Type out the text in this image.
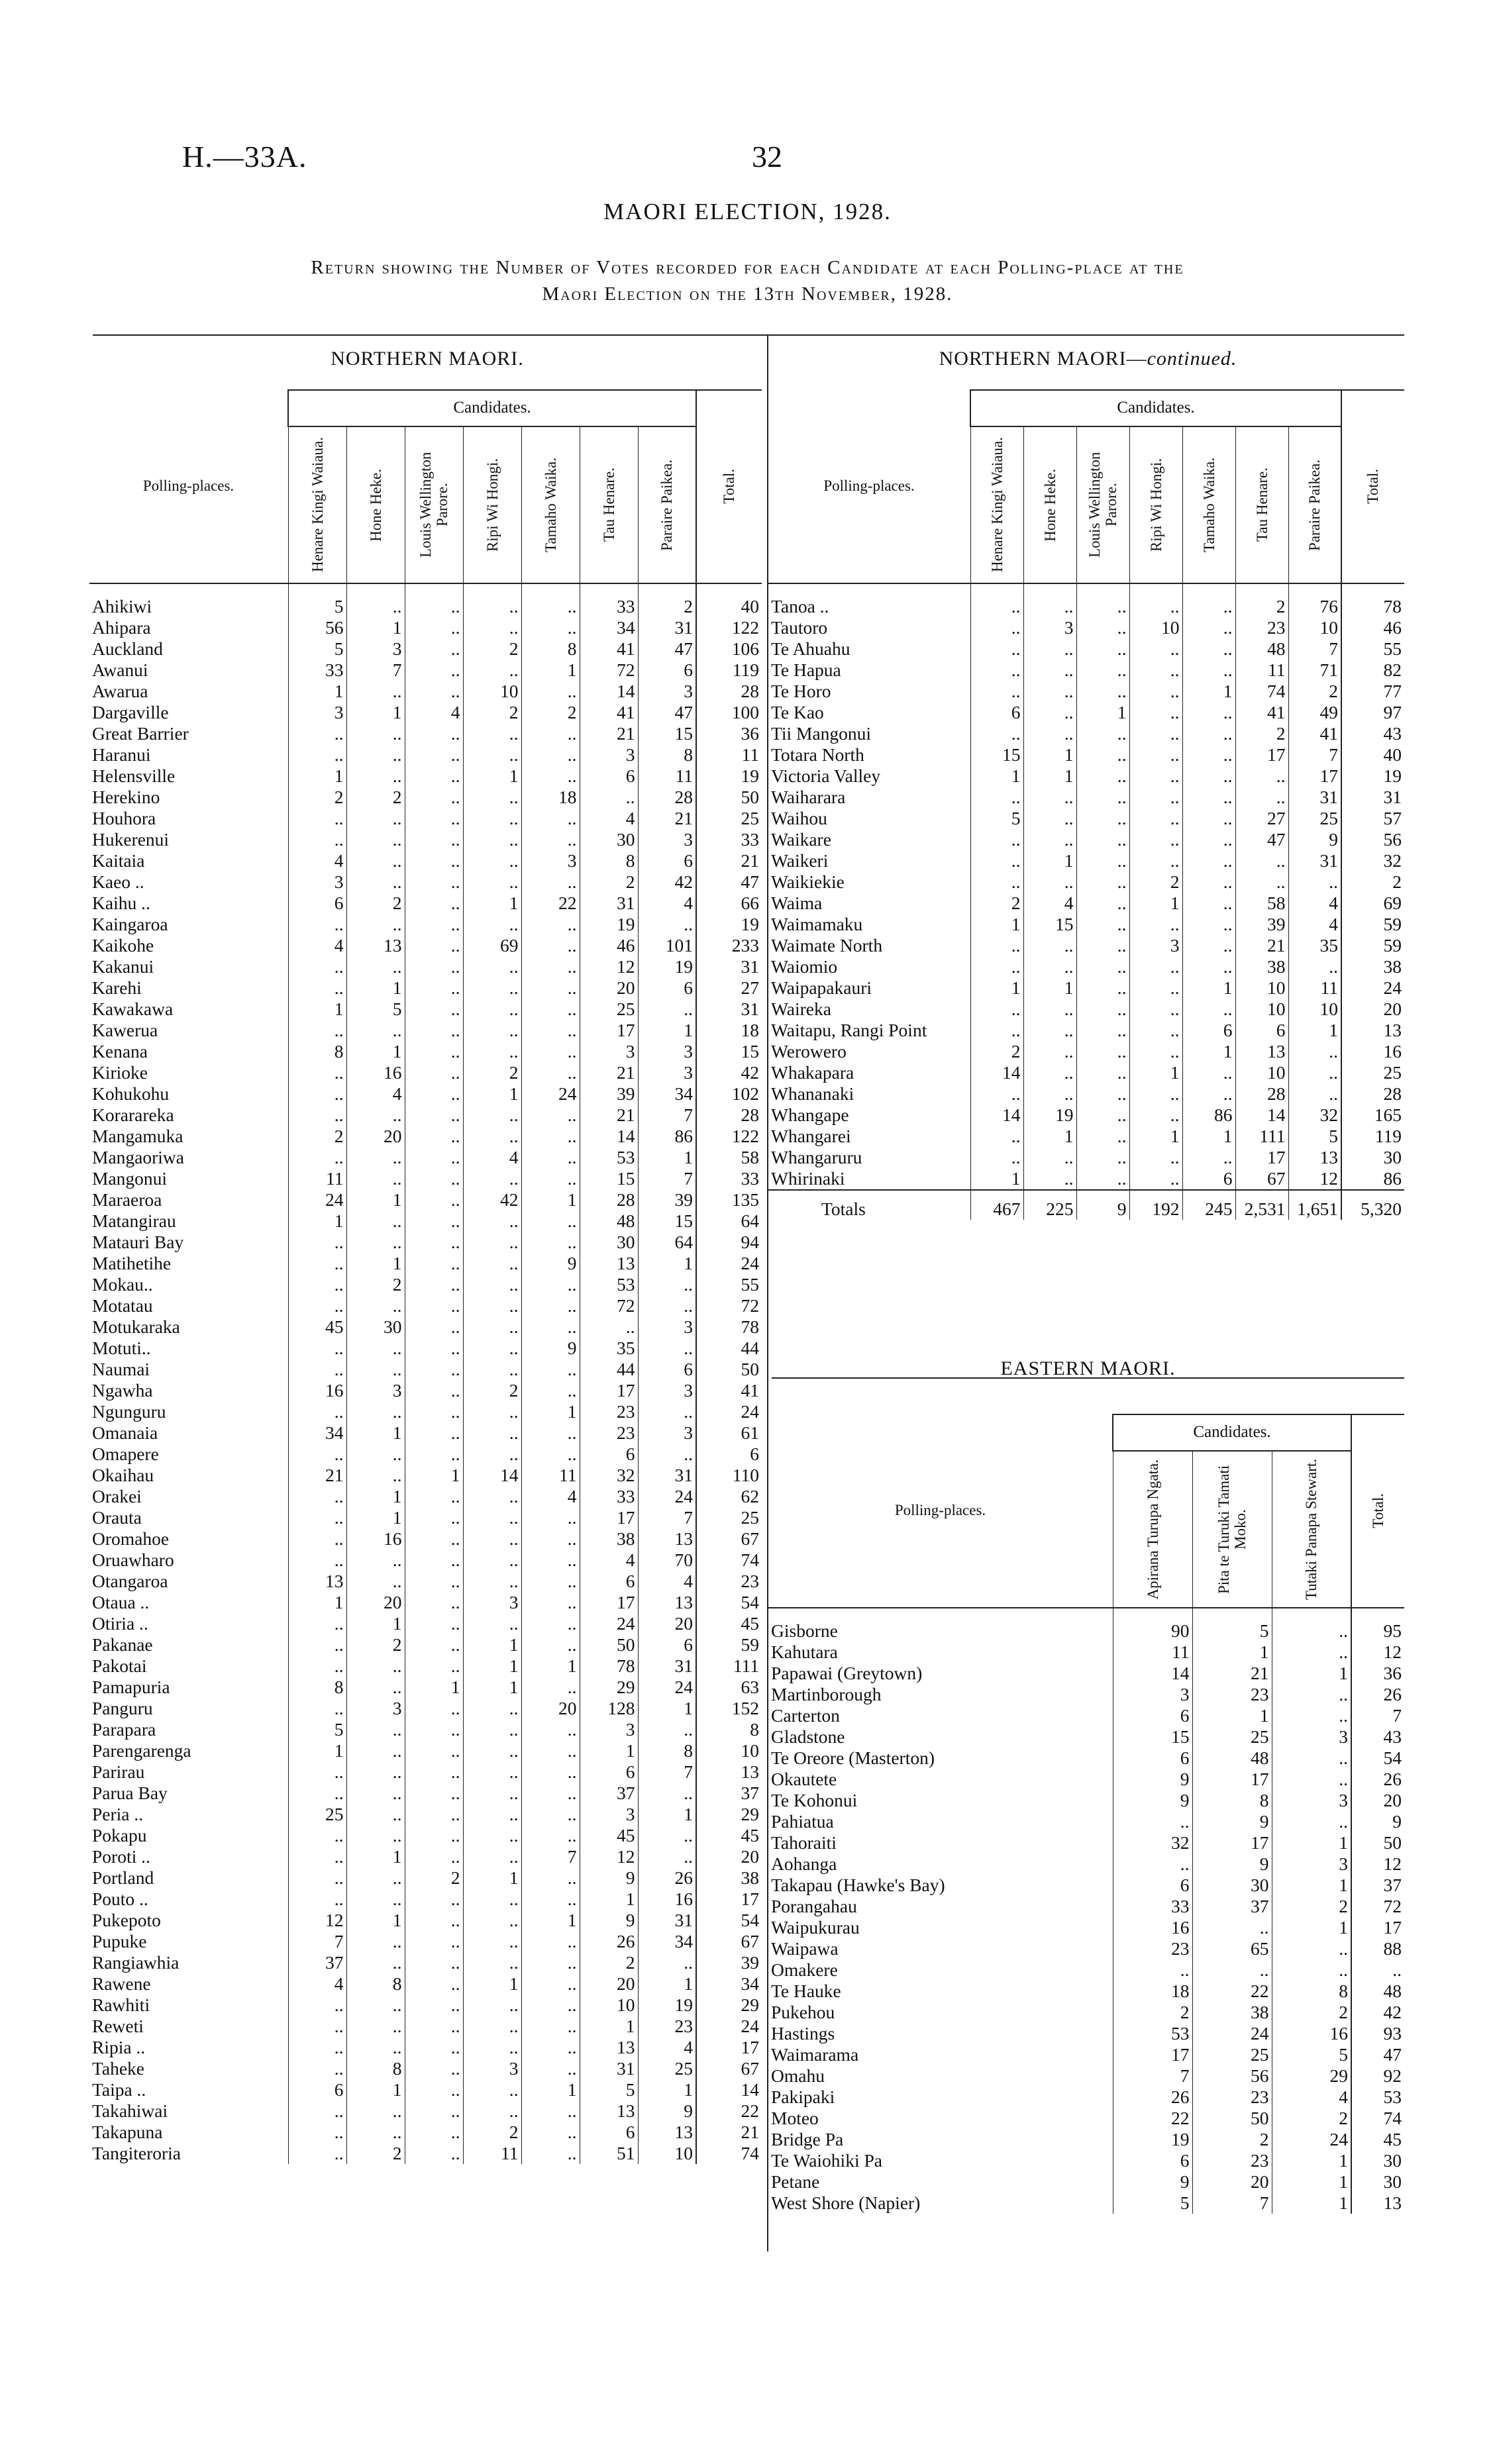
H.—33A.	32
MAORI ELECTION, 1928.
Return showing the Number of Votes recorded for each Candidate at each Polling-place at the
Maori Election on the 13th November, 1928.
NORTHERN MAORI.	NORTHERN MAORI—continued.
Polling-places.	Candidates.							Total.

	Henare Kingi Waiaua.	Hone Heke.	Louis Wellington Parore.	Ripi Wi Hongi.	Tamaho Waika.	Tau Henare.	Paraire Paikea.	

Ahikiwi	5	..	..	..	..	33	2	40
Ahipara	56	1	..	..	..	34	31	122
Auckland	5	3	..	2	8	41	47	106
Awanui	33	7	..	..	1	72	6	119
Awarua	1	..	..	10	..	14	3	28
Dargaville	3	1	4	2	2	41	47	100
Great Barrier	..	..	..	..	..	21	15	36
Haranui	..	..	..	..	..	3	8	11
Helensville	1	..	..	1	..	6	11	19
Herekino	2	2	..	..	18	..	28	50
Houhora	..	..	..	..	..	4	21	25
Hukerenui	..	..	..	..	..	30	3	33
Kaitaia	4	..	..	..	3	8	6	21
Kaeo ..	3	..	..	..	..	2	42	47
Kaihu ..	6	2	..	1	22	31	4	66
Kaingaroa	..	..	..	..	..	19	..	19
Kaikohe	4	13	..	69	..	46	101	233
Kakanui	..	..	..	..	..	12	19	31
Karehi	..	1	..	..	..	20	6	27
Kawakawa	1	5	..	..	..	25	..	31
Kawerua	..	..	..	..	..	17	1	18
Kenana	8	1	..	..	..	3	3	15
Kirioke	..	16	..	2	..	21	3	42
Kohukohu	..	4	..	1	24	39	34	102
Korarareka	..	..	..	..	..	21	7	28
Mangamuka	2	20	..	..	..	14	86	122
Mangaoriwa	..	..	..	4	..	53	1	58
Mangonui	11	..	..	..	..	15	7	33
Maraeroa	24	1	..	42	1	28	39	135
Matangirau	1	..	..	..	..	48	15	64
Matauri Bay	..	..	..	..	..	30	64	94
Matihetihe	..	1	..	..	9	13	1	24
Mokau..	..	2	..	..	..	53	..	55
Motatau	..	..	..	..	..	72	..	72
Motukaraka	45	30	..	..	..	..	3	78
Motuti..	..	..	..	..	9	35	..	44
Naumai	..	..	..	..	..	44	6	50
Ngawha	16	3	..	2	..	17	3	41
Ngunguru	..	..	..	..	1	23	..	24
Omanaia	34	1	..	..	..	23	3	61
Omapere	..	..	..	..	..	6	..	6
Okaihau	21	..	1	14	11	32	31	110
Orakei	..	1	..	..	4	33	24	62
Orauta	..	1	..	..	..	17	7	25
Oromahoe	..	16	..	..	..	38	13	67
Oruawharo	..	..	..	..	..	4	70	74
Otangaroa	13	..	..	..	..	6	4	23
Otaua ..	1	20	..	3	..	17	13	54
Otiria ..	..	1	..	..	..	24	20	45
Pakanae	..	2	..	1	..	50	6	59
Pakotai	..	..	..	1	1	78	31	111
Pamapuria	8	..	1	1	..	29	24	63
Panguru	..	3	..	..	20	128	1	152
Parapara	5	..	..	..	..	3	..	8
Parengarenga	1	..	..	..	..	1	8	10
Parirau	..	..	..	..	..	6	7	13
Parua Bay	..	..	..	..	..	37	..	37
Peria ..	25	..	..	..	..	3	1	29
Pokapu	..	..	..	..	..	45	..	45
Poroti ..	..	1	..	..	7	12	..	20
Portland	..	..	2	1	..	9	26	38
Pouto ..	..	..	..	..	..	1	16	17
Pukepoto	12	1	..	..	1	9	31	54
Pupuke	7	..	..	..	..	26	34	67
Rangiawhia	37	..	..	..	..	2	..	39
Rawene	4	8	..	1	..	20	1	34
Rawhiti	..	..	..	..	..	10	19	29
Reweti	..	..	..	..	..	1	23	24
Ripia ..	..	..	..	..	..	13	4	17
Taheke	..	8	..	3	..	31	25	67
Taipa ..	6	1	..	..	1	5	1	14
Takahiwai	..	..	..	..	..	13	9	22
Takapuna	..	..	..	2	..	6	13	21
Tangiteroria	..	2	..	11	..	51	10	74
Polling-places.	Candidates.							Total.

	Henare Kingi Waiaua.	Hone Heke.	Louis Wellington Parore.	Ripi Wi Hongi.	Tamaho Waika.	Tau Henare.	Paraire Paikea.	

Tanoa ..	..	..	..	..	..	2	76	78
Tautoro	..	3	..	10	..	23	10	46
Te Ahuahu	..	..	..	..	..	48	7	55
Te Hapua	..	..	..	..	..	11	71	82
Te Horo	..	..	..	..	1	74	2	77
Te Kao	6	..	1	..	..	41	49	97
Tii Mangonui	..	..	..	..	..	2	41	43
Totara North	15	1	..	..	..	17	7	40
Victoria Valley	1	1	..	..	..	..	17	19
Waiharara	..	..	..	..	..	..	31	31
Waihou	5	..	..	..	..	27	25	57
Waikare	..	..	..	..	..	47	9	56
Waikeri	..	1	..	..	..	..	31	32
Waikiekie	..	..	..	2	..	..	..	2
Waima	2	4	..	1	..	58	4	69
Waimamaku	1	15	..	..	..	39	4	59
Waimate North	..	..	..	3	..	21	35	59
Waiomio	..	..	..	..	..	38	..	38
Waipapakauri	1	1	..	..	1	10	11	24
Waireka	..	..	..	..	..	10	10	20
Waitapu, Rangi Point	..	..	..	..	6	6	1	13
Werowero	2	..	..	..	1	13	..	16
Whakapara	14	..	..	1	..	10	..	25
Whananaki	..	..	..	..	..	28	..	28
Whangape	14	19	..	..	86	14	32	165
Whangarei	..	1	..	1	1	111	5	119
Whangaruru	..	..	..	..	..	17	13	30
Whirinaki	1	..	..	..	6	67	12	86
Totals	467	225	9	192	245	2,531	1,651	5,320
EASTERN MAORI.
Polling-places.	Candidates.			Total.

	Apirana Turupa Ngata.	Pita te Turuki Tamati Moko.	Tutaki Panapa Stewart.	

Gisborne	90	5	..	95
Kahutara	11	1	..	12
Papawai (Greytown)	14	21	1	36
Martinborough	3	23	..	26
Carterton	6	1	..	7
Gladstone	15	25	3	43
Te Oreore (Masterton)	6	48	..	54
Okautete	9	17	..	26
Te Kohonui	9	8	3	20
Pahiatua	..	9	..	9
Tahoraiti	32	17	1	50
Aohanga	..	9	3	12
Takapau (Hawke's Bay)	6	30	1	37
Porangahau	33	37	2	72
Waipukurau	16	..	1	17
Waipawa	23	65	..	88
Omakere	..	..	..	..
Te Hauke	18	22	8	48
Pukehou	2	38	2	42
Hastings	53	24	16	93
Waimarama	17	25	5	47
Omahu	7	56	29	92
Pakipaki	26	23	4	53
Moteo	22	50	2	74
Bridge Pa	19	2	24	45
Te Waiohiki Pa	6	23	1	30
Petane	9	20	1	30
West Shore (Napier)	5	7	1	13
